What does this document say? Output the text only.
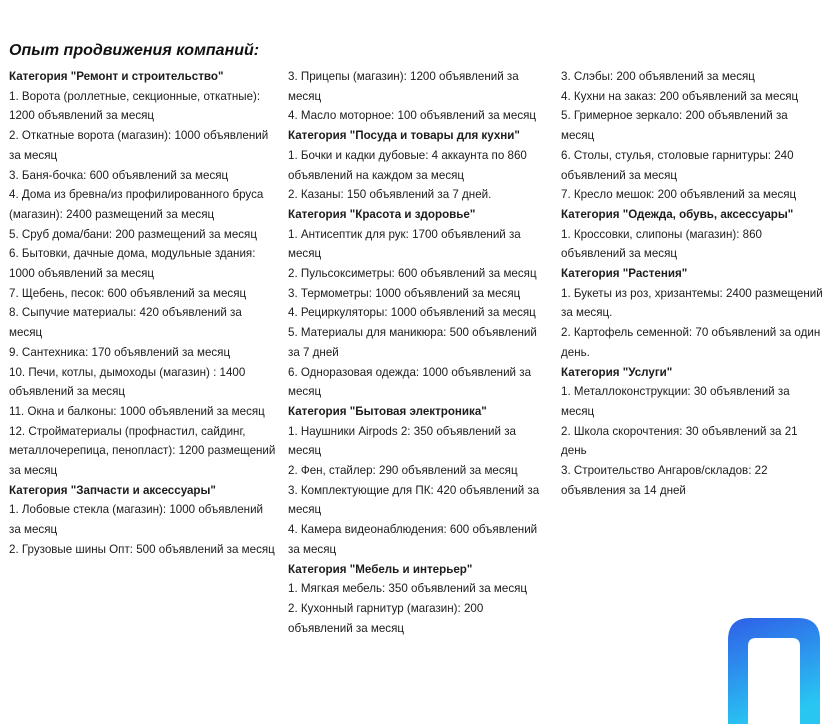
Опыт продвижения компаний:
Категория "Ремонт и строительство"
1. Ворота (роллетные, секционные, откатные): 1200 объявлений за месяц
2. Откатные ворота (магазин): 1000 объявлений за месяц
3. Баня-бочка: 600 объявлений за месяц
4. Дома из бревна/из профилированного бруса (магазин): 2400 размещений за месяц
5. Сруб дома/бани: 200 размещений за месяц
6. Бытовки, дачные дома, модульные здания: 1000 объявлений за месяц
7. Щебень, песок: 600 объявлений за месяц
8. Сыпучие материалы: 420 объявлений за месяц
9. Сантехника: 170 объявлений за месяц
10. Печи, котлы, дымоходы (магазин) : 1400 объявлений за месяц
11. Окна и балконы: 1000 объявлений за месяц
12. Стройматериалы (профнастил, сайдинг, металлочерепица, пенопласт): 1200 размещений за месяц
Категория "Запчасти и аксессуары"
1. Лобовые стекла (магазин): 1000 объявлений за месяц
2. Грузовые шины Опт: 500 объявлений за месяц
3. Прицепы (магазин): 1200 объявлений за месяц
4. Масло моторное: 100 объявлений за месяц
Категория "Посуда и товары для кухни"
1. Бочки и кадки дубовые: 4 аккаунта по 860 объявлений на каждом за месяц
2. Казаны: 150 объявлений за 7 дней.
Категория "Красота и здоровье"
1. Антисептик для рук: 1700 объявлений за месяц
2. Пульсоксиметры: 600 объявлений за месяц
3. Термометры: 1000 объявлений за месяц
4. Рециркуляторы: 1000 объявлений за месяц
5. Материалы для маникюра: 500 объявлений за 7 дней
6. Одноразовая одежда: 1000 объявлений за месяц
Категория "Бытовая электроника"
1. Наушники Airpods 2: 350 объявлений за месяц
2. Фен, стайлер: 290 объявлений за месяц
3. Комплектующие для ПК: 420 объявлений за месяц
4. Камера видеонаблюдения: 600 объявлений за месяц
Категория "Мебель и интерьер"
1. Мягкая мебель: 350 объявлений за месяц
2. Кухонный гарнитур (магазин): 200 объявлений за месяц
3. Слэбы: 200 объявлений за месяц
4. Кухни на заказ: 200 объявлений за месяц
5. Гримерное зеркало: 200 объявлений за месяц
6. Столы, стулья, столовые гарнитуры: 240 объявлений за месяц
7. Кресло мешок: 200 объявлений за месяц
Категория "Одежда, обувь, аксессуары"
1. Кроссовки, слипоны (магазин): 860 объявлений за месяц
Категория "Растения"
1. Букеты из роз, хризантемы: 2400 размещений за месяц.
2. Картофель семенной: 70 объявлений за один день.
Категория "Услуги"
1. Металлоконструкции: 30 объявлений за месяц
2. Школа скорочтения: 30 объявлений за 21 день
3. Строительство Ангаров/складов: 22 объявления за 14 дней
